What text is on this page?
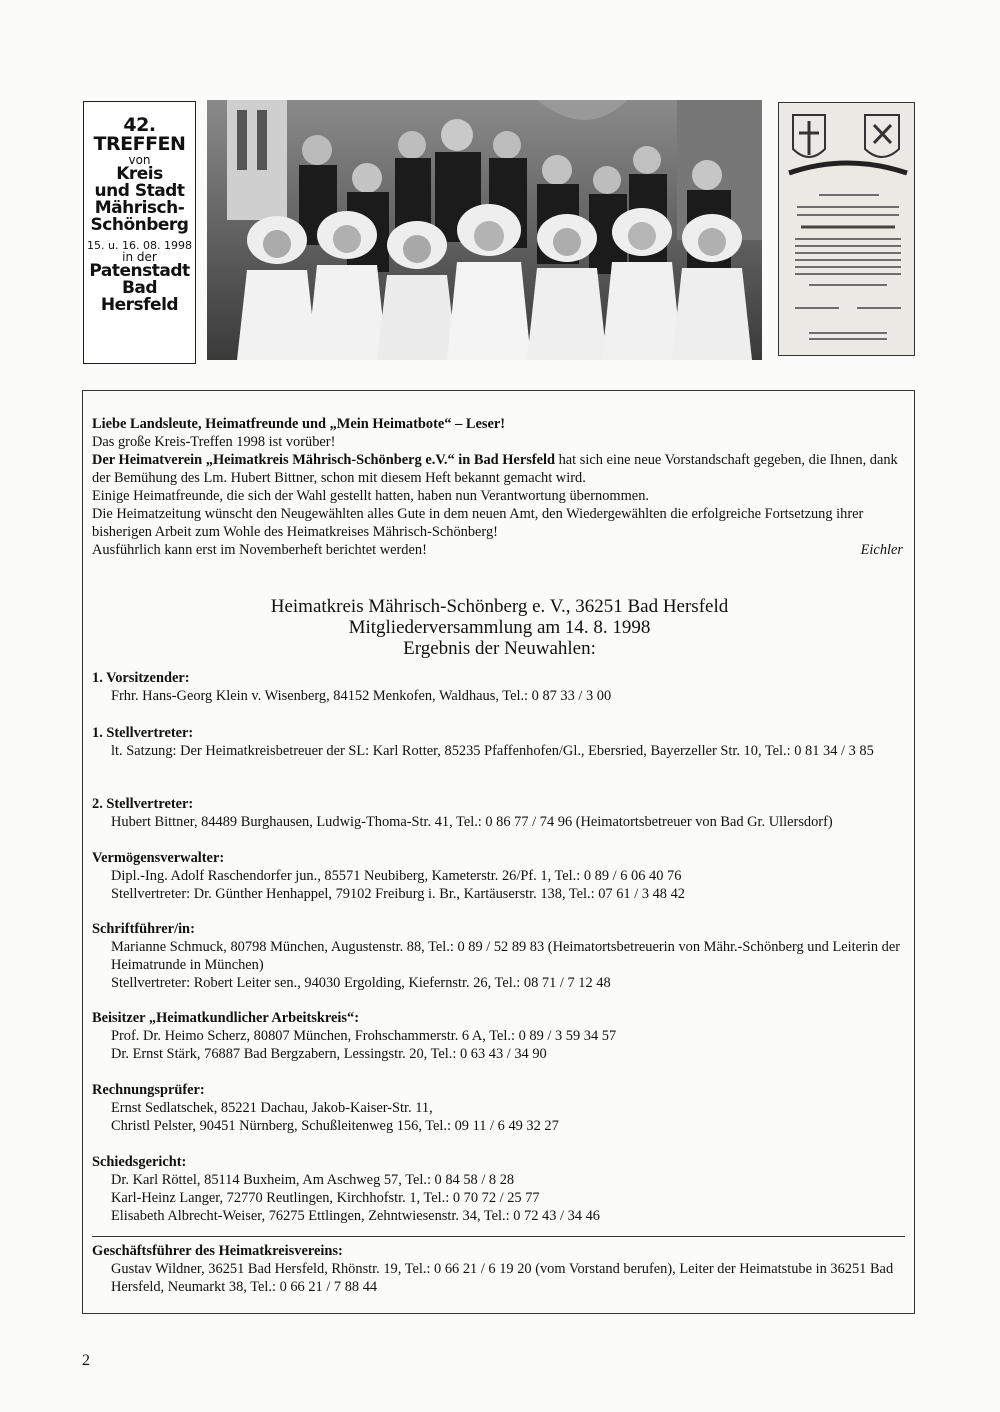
42.
TREFFEN
von
Kreis
und Stadt
Mährisch-
Schönberg
15. u. 16. 08. 1998
in der
Patenstadt
Bad Hersfeld

Liebe Landsleute, Heimatfreunde und „Mein Heimatbote“ – Leser!

Das große Kreis-Treffen 1998 ist vorüber!

Der Heimatverein „Heimatkreis Mährisch-Schönberg e.V.“ in Bad Hersfeld hat sich eine neue Vorstandschaft gegeben, die Ihnen, dank der Bemühung des Lm. Hubert Bittner, schon mit diesem Heft bekannt gemacht wird.

Einige Heimatfreunde, die sich der Wahl gestellt hatten, haben nun Verantwortung übernommen.

Die Heimatzeitung wünscht den Neugewählten alles Gute in dem neuen Amt, den Wiedergewählten die erfolgreiche Fortsetzung ihrer bisherigen Arbeit zum Wohle des Heimatkreises Mährisch-Schönberg!

Ausführlich kann erst im Novemberheft berichtet werden!	Eichler
Heimatkreis Mährisch-Schönberg e. V., 36251 Bad Hersfeld
Mitgliederversammlung am 14. 8. 1998
Ergebnis der Neuwahlen:
1. Vorsitzender:
Frhr. Hans-Georg Klein v. Wisenberg, 84152 Menkofen, Waldhaus, Tel.: 0 87 33 / 3 00
1. Stellvertreter:
lt. Satzung: Der Heimatkreisbetreuer der SL: Karl Rotter, 85235 Pfaffenhofen/Gl., Ebersried, Bayerzeller Str. 10, Tel.: 0 81 34 / 3 85
2. Stellvertreter:
Hubert Bittner, 84489 Burghausen, Ludwig-Thoma-Str. 41, Tel.: 0 86 77 / 74 96 (Heimatortsbetreuer von Bad Gr. Ullersdorf)
Vermögensverwalter:
Dipl.-Ing. Adolf Raschendorfer jun., 85571 Neubiberg, Kameterstr. 26/Pf. 1, Tel.: 0 89 / 6 06 40 76
Stellvertreter: Dr. Günther Henhappel, 79102 Freiburg i. Br., Kartäuserstr. 138, Tel.: 07 61 / 3 48 42
Schriftführer/in:
Marianne Schmuck, 80798 München, Augustenstr. 88, Tel.: 0 89 / 52 89 83 (Heimatortsbetreuerin von Mähr.-Schönberg und Leiterin der Heimatrunde in München)
Stellvertreter: Robert Leiter sen., 94030 Ergolding, Kiefernstr. 26, Tel.: 08 71 / 7 12 48
Beisitzer „Heimatkundlicher Arbeitskreis“:
Prof. Dr. Heimo Scherz, 80807 München, Frohschammerstr. 6 A, Tel.: 0 89 / 3 59 34 57
Dr. Ernst Stärk, 76887 Bad Bergzabern, Lessingstr. 20, Tel.: 0 63 43 / 34 90
Rechnungsprüfer:
Ernst Sedlatschek, 85221 Dachau, Jakob-Kaiser-Str. 11,
Christl Pelster, 90451 Nürnberg, Schußleitenweg 156, Tel.: 09 11 / 6 49 32 27
Schiedsgericht:
Dr. Karl Röttel, 85114 Buxheim, Am Aschweg 57, Tel.: 0 84 58 / 8 28
Karl-Heinz Langer, 72770 Reutlingen, Kirchhofstr. 1, Tel.: 0 70 72 / 25 77
Elisabeth Albrecht-Weiser, 76275 Ettlingen, Zehntwiesenstr. 34, Tel.: 0 72 43 / 34 46
Geschäftsführer des Heimatkreisvereins:
Gustav Wildner, 36251 Bad Hersfeld, Rhönstr. 19, Tel.: 0 66 21 / 6 19 20 (vom Vorstand berufen), Leiter der Heimatstube in 36251 Bad Hersfeld, Neumarkt 38, Tel.: 0 66 21 / 7 88 44
2
